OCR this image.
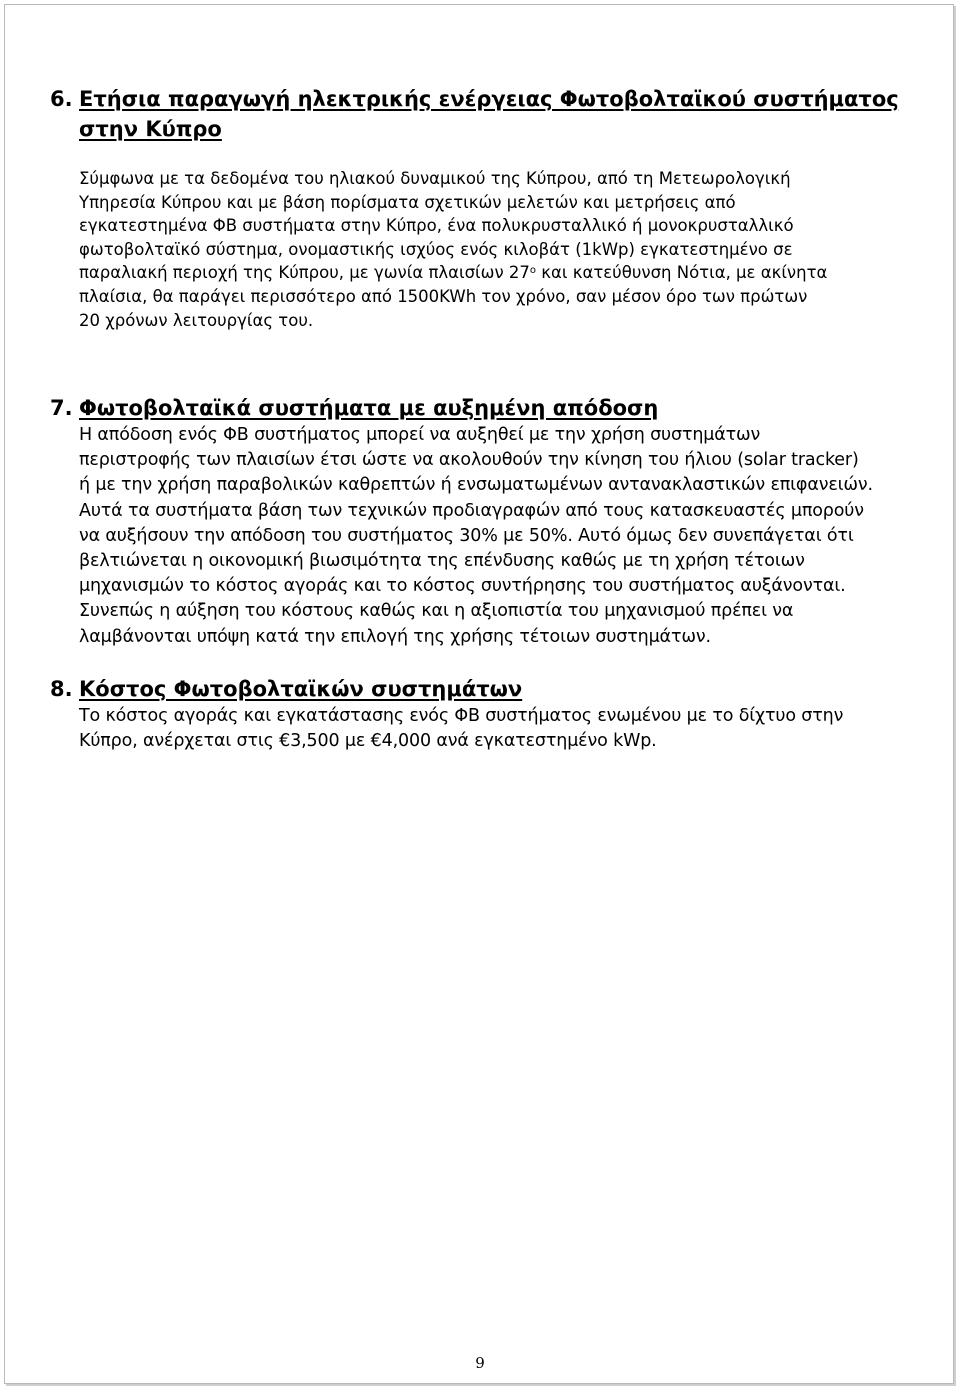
6. Ετήσια παραγωγή ηλεκτρικής ενέργειας Φωτοβολταϊκού συστήματος
στην Κύπρο

Σύμφωνα με τα δεδομένα του ηλιακού δυναμικού της Κύπρου, από τη Μετεωρολογική
Υπηρεσία Κύπρου και με βάση πορίσματα σχετικών μελετών και μετρήσεις από
εγκατεστημένα ΦΒ συστήματα στην Κύπρο, ένα πολυκρυσταλλικό ή μονοκρυσταλλικό
φωτοβολταϊκό σύστημα, ονομαστικής ισχύος ενός κιλοβάτ (1kWp) εγκατεστημένο σε
παραλιακή περιοχή της Κύπρου, με γωνία πλαισίων $27^o$ και κατεύθυνση Νότια, με ακίνητα
πλαίσια, θα παράγει περισσότερο από 1500KWh τον χρόνο, σαν μέσον όρο των πρώτων
20 χρόνων λειτουργίας του.

7. Φωτοβολταϊκά συστήματα με αυξημένη απόδοση

Η απόδοση ενός ΦΒ συστήματος μπορεί να αυξηθεί με την χρήση συστημάτων
περιστροφής των πλαισίων έτσι ώστε να ακολουθούν την κίνηση του ήλιου (solar tracker)
ή με την χρήση παραβολικών καθρεπτών ή ενσωματωμένων αντανακλαστικών επιφανειών.
Αυτά τα συστήματα βάση των τεχνικών προδιαγραφών από τους κατασκευαστές μπορούν
να αυξήσουν την απόδοση του συστήματος 30% με 50%. Αυτό όμως δεν συνεπάγεται ότι
βελτιώνεται η οικονομική βιωσιμότητα της επένδυσης καθώς με τη χρήση τέτοιων
μηχανισμών το κόστος αγοράς και το κόστος συντήρησης του συστήματος αυξάνονται.
Συνεπώς η αύξηση του κόστους καθώς και η αξιοπιστία του μηχανισμού πρέπει να
λαμβάνονται υπόψη κατά την επιλογή της χρήσης τέτοιων συστημάτων.

8. Κόστος Φωτοβολταϊκών συστημάτων

Το κόστος αγοράς και εγκατάστασης ενός ΦΒ συστήματος ενωμένου με το δίχτυο στην
Κύπρο, ανέρχεται στις €3,500 με €4,000 ανά εγκατεστημένο kWp.

9
